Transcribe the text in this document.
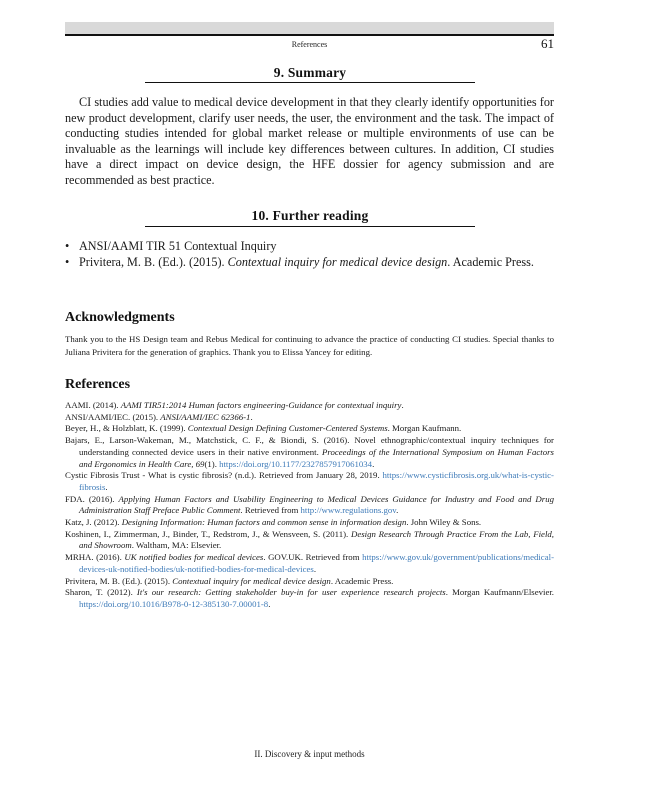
References	61
9. Summary

CI studies add value to medical device development in that they clearly identify opportunities for new product development, clarify user needs, the user, the environment and the task. The impact of conducting studies intended for global market release or multiple environments of use can be invaluable as the learnings will include key differences between cultures. In addition, CI studies have a direct impact on device design, the HFE dossier for agency submission and are recommended as best practice.

10. Further reading
• ANSI/AAMI TIR 51 Contextual Inquiry
• Privitera, M. B. (Ed.). (2015). Contextual inquiry for medical device design. Academic Press.
Acknowledgments

Thank you to the HS Design team and Rebus Medical for continuing to advance the practice of conducting CI studies. Special thanks to Juliana Privitera for the generation of graphics. Thank you to Elissa Yancey for editing.

References
AAMI. (2014). AAMI TIR51:2014 Human factors engineering-Guidance for contextual inquiry.
ANSI/AAMI/IEC. (2015). ANSI/AAMI/IEC 62366-1.
Beyer, H., & Holzblatt, K. (1999). Contextual Design Defining Customer-Centered Systems. Morgan Kaufmann.
Bajars, E., Larson-Wakeman, M., Matchstick, C. F., & Biondi, S. (2016). Novel ethnographic/contextual inquiry techniques for understanding connected device users in their native environment. Proceedings of the International Symposium on Human Factors and Ergonomics in Health Care, 69(1). https://doi.org/10.1177/2327857917061034.
Cystic Fibrosis Trust - What is cystic fibrosis? (n.d.). Retrieved from January 28, 2019. https://www.cysticfibrosis.org.uk/what-is-cystic-fibrosis.
FDA. (2016). Applying Human Factors and Usability Engineering to Medical Devices Guidance for Industry and Food and Drug Administration Staff Preface Public Comment. Retrieved from http://www.regulations.gov.
Katz, J. (2012). Designing Information: Human factors and common sense in information design. John Wiley & Sons.
Koshinen, I., Zimmerman, J., Binder, T., Redstrom, J., & Wensveen, S. (2011). Design Research Through Practice From the Lab, Field, and Showroom. Waltham, MA: Elsevier.
MRHA. (2016). UK notified bodies for medical devices. GOV.UK. Retrieved from https://www.gov.uk/government/publications/medical-devices-uk-notified-bodies/uk-notified-bodies-for-medical-devices.
Privitera, M. B. (Ed.). (2015). Contextual inquiry for medical device design. Academic Press.
Sharon, T. (2012). It's our research: Getting stakeholder buy-in for user experience research projects. Morgan Kaufmann/Elsevier. https://doi.org/10.1016/B978-0-12-385130-7.00001-8.
II. Discovery & input methods
